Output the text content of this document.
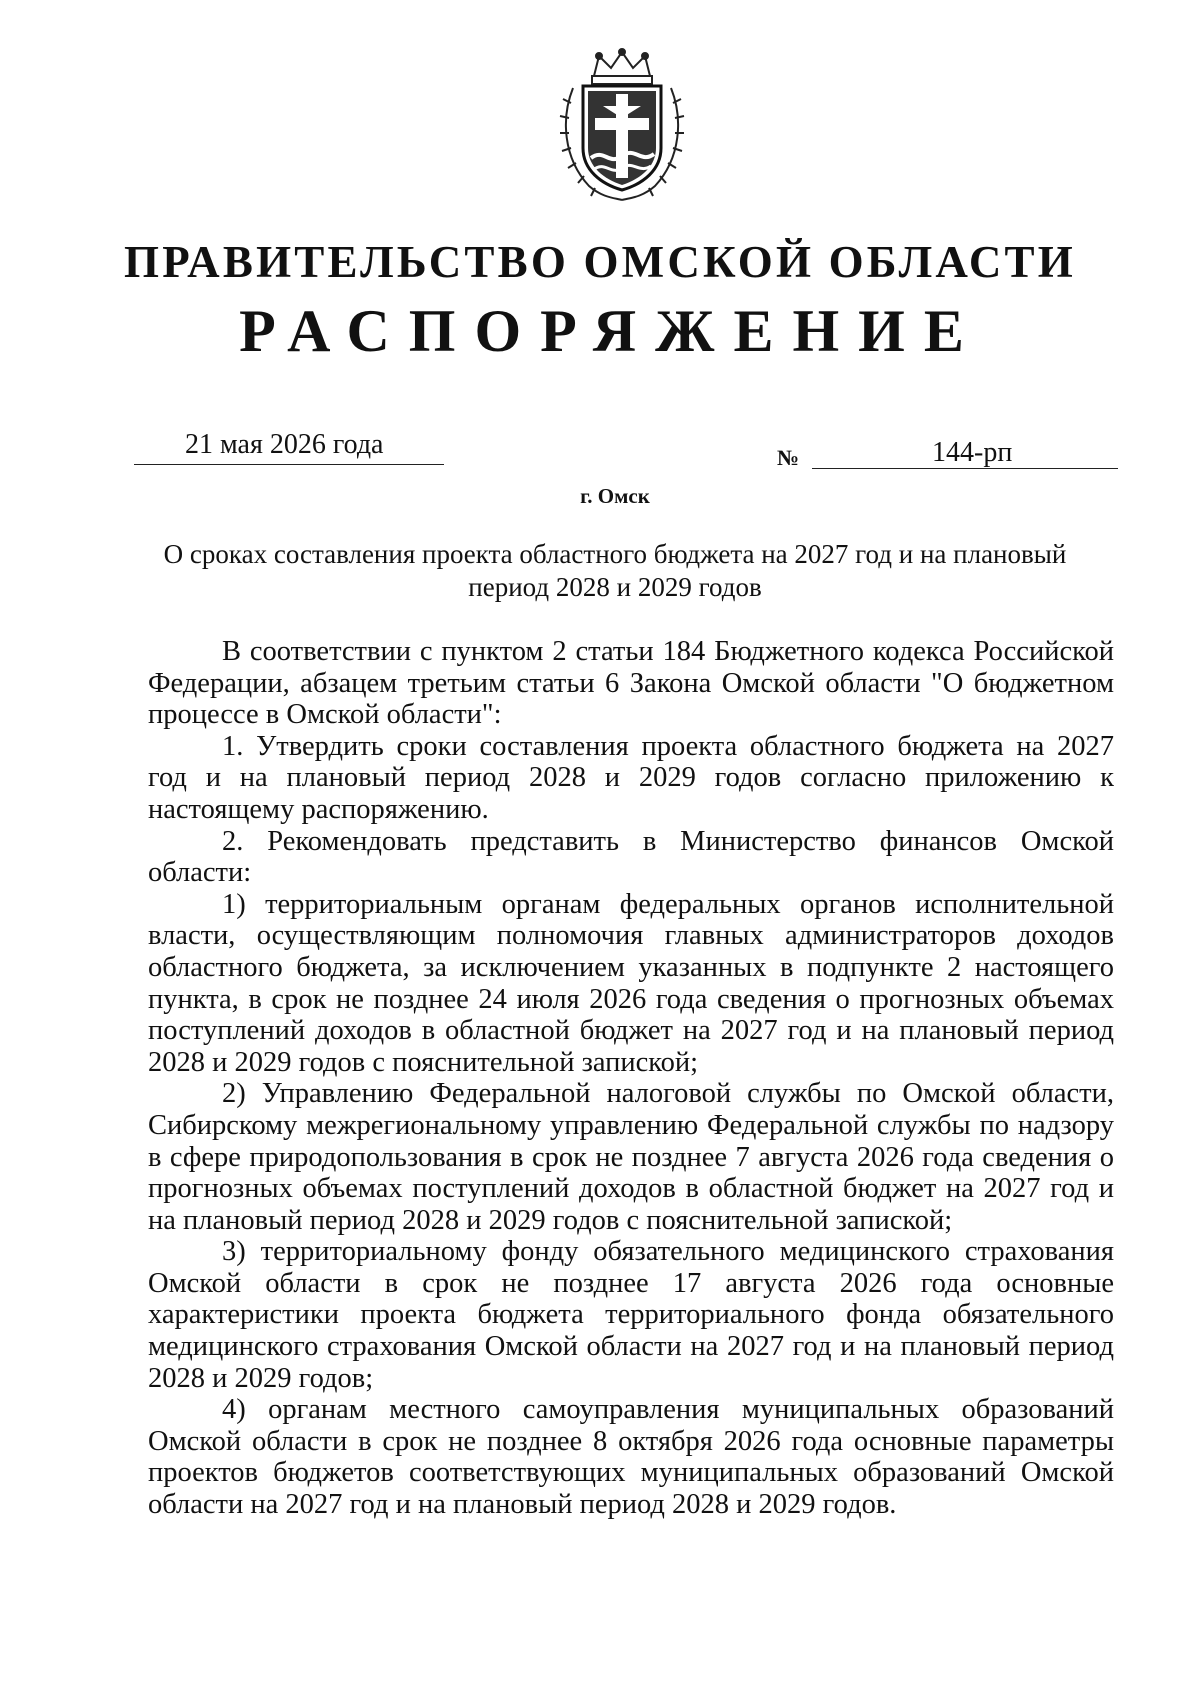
ПРАВИТЕЛЬСТВО ОМСКОЙ ОБЛАСТИ
РАСПОРЯЖЕНИЕ
21 мая 2026 года	№	144-рп
г. Омск
О сроках составления проекта областного бюджета на 2027 год и на плановый период 2028 и 2029 годов

В соответствии с пунктом 2 статьи 184 Бюджетного кодекса Российской Федерации, абзацем третьим статьи 6 Закона Омской области "О бюджетном процессе в Омской области":

1. Утвердить сроки составления проекта областного бюджета на 2027 год и на плановый период 2028 и 2029 годов согласно приложению к настоящему распоряжению.

2. Рекомендовать представить в Министерство финансов Омской области:

1) территориальным органам федеральных органов исполнительной власти, осуществляющим полномочия главных администраторов доходов областного бюджета, за исключением указанных в подпункте 2 настоящего пункта, в срок не позднее 24 июля 2026 года сведения о прогнозных объемах поступлений доходов в областной бюджет на 2027 год и на плановый период 2028 и 2029 годов с пояснительной запиской;

2) Управлению Федеральной налоговой службы по Омской области, Сибирскому межрегиональному управлению Федеральной службы по надзору в сфере природопользования в срок не позднее 7 августа 2026 года сведения о прогнозных объемах поступлений доходов в областной бюджет на 2027 год и на плановый период 2028 и 2029 годов с пояснительной запиской;

3) территориальному фонду обязательного медицинского страхования Омской области в срок не позднее 17 августа 2026 года основные характеристики проекта бюджета территориального фонда обязательного медицинского страхования Омской области на 2027 год и на плановый период 2028 и 2029 годов;

4) органам местного самоуправления муниципальных образований Омской области в срок не позднее 8 октября 2026 года основные параметры проектов бюджетов соответствующих муниципальных образований Омской области на 2027 год и на плановый период 2028 и 2029 годов.
